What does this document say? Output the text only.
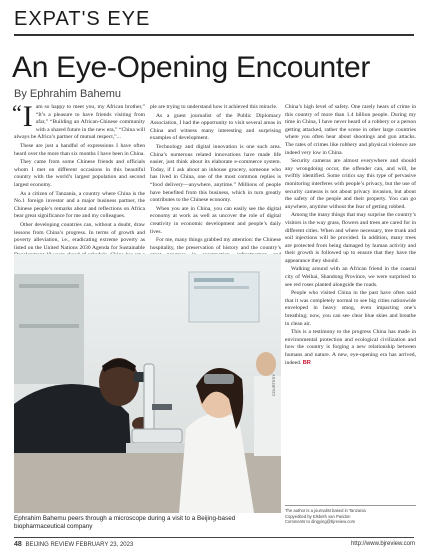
EXPAT'S EYE
An Eye-Opening Encounter
By Ephrahim Bahemu

“ I am so happy to meet you, my African brother,” “It’s a pleasure to have friends visiting from afar,” “Building an African-Chinese community with a shared future in the new era,” “China will always be Africa’s partner of mutual respect,”...

These are just a handful of expressions I have often heard over the more than six months I have been in China.

They came from some Chinese friends and officials whom I met on different occasions in this beautiful country with the world’s largest population and second largest economy.

As a citizen of Tanzania, a country where China is the No.1 foreign investor and a major business partner, the Chinese people’s remarks about and reflections on Africa bear great significance for me and my colleagues.

Other developing countries can, without a doubt, draw lessons from China’s progress. In terms of growth and poverty alleviation, i.e., eradicating extreme poverty as listed on the United Nations 2030 Agenda for Sustainable

ple are trying to understand how it achieved this miracle.

As a guest journalist of the Public Diplomacy Association, I had the opportunity to visit several areas in China and witness many interesting and surprising examples of development.

Technology and digital innovation is one such area. China’s numerous related innovations have made life easier, just think about its elaborate e-commerce system. Today, if I ask about an inhouse grocery, someone who has lived in China, one of the most common replies is “food delivery—anywhere, anytime.” Millions of people have benefited from this business, which in turn greatly contributes to the Chinese economy.

When you are in China, you can easily see the digital economy at work as well as uncover the role of digital creativity in economic development and people’s daily lives.

For me, many things grabbed my attention: the Chinese hospitality, the preservation of history and the country’s

China’s high level of safety. One rarely hears of crime in this country of more than 1.4 billion people. During my time in China, I have never heard of a robbery or a person getting attacked, rather the scene in other large countries where you often hear about shootings and gun attacks. The rates of crimes like robbery and physical violence are indeed very low in China.

Security cameras are almost everywhere and should any wrongdoing occur, the offender can, and will, be swiftly identified. Some critics say this type of pervasive monitoring interferes with people’s privacy, but the use of security cameras is not about privacy invasion, but about the safety of the people and their property. You can go anywhere, anytime without the fear of getting robbed.

Among the many things that may surprise the country’s visitors is the way grass, flowers and trees are cared for in different cities. When and where necessary, tree trunk and soil injections will be provided. In addition, many trees are protected from being damaged by human activity and their growth is followed up to ensure that they have the appearance they should.

Walking around with an African friend in the coastal city of Weihai, Shandong Province, we were surprised to see red roses planted alongside the roads.

People who visited China in the past have often said that it was completely normal to see big cities nationwide enveloped in heavy smog, even impacting one’s breathing; now, you can see clear blue skies and breathe in clean air.

This is a testimony to the progress China has made in environmental protection and ecological civilization and how the country is forging a new relationship between humans and nature. A new, eye-opening era has arrived, indeed. BR

COURTESY
Ephrahim Bahemu peers through a microscope during a visit to a Beijing-based biopharmaceutical company
The author is a journalist based in Tanzania
Copyedited by Elsbeth van Paridon
Comments to dingying@bjreview.com
48 BEIJING REVIEW FEBRUARY 23, 2023	http://www.bjreview.com
